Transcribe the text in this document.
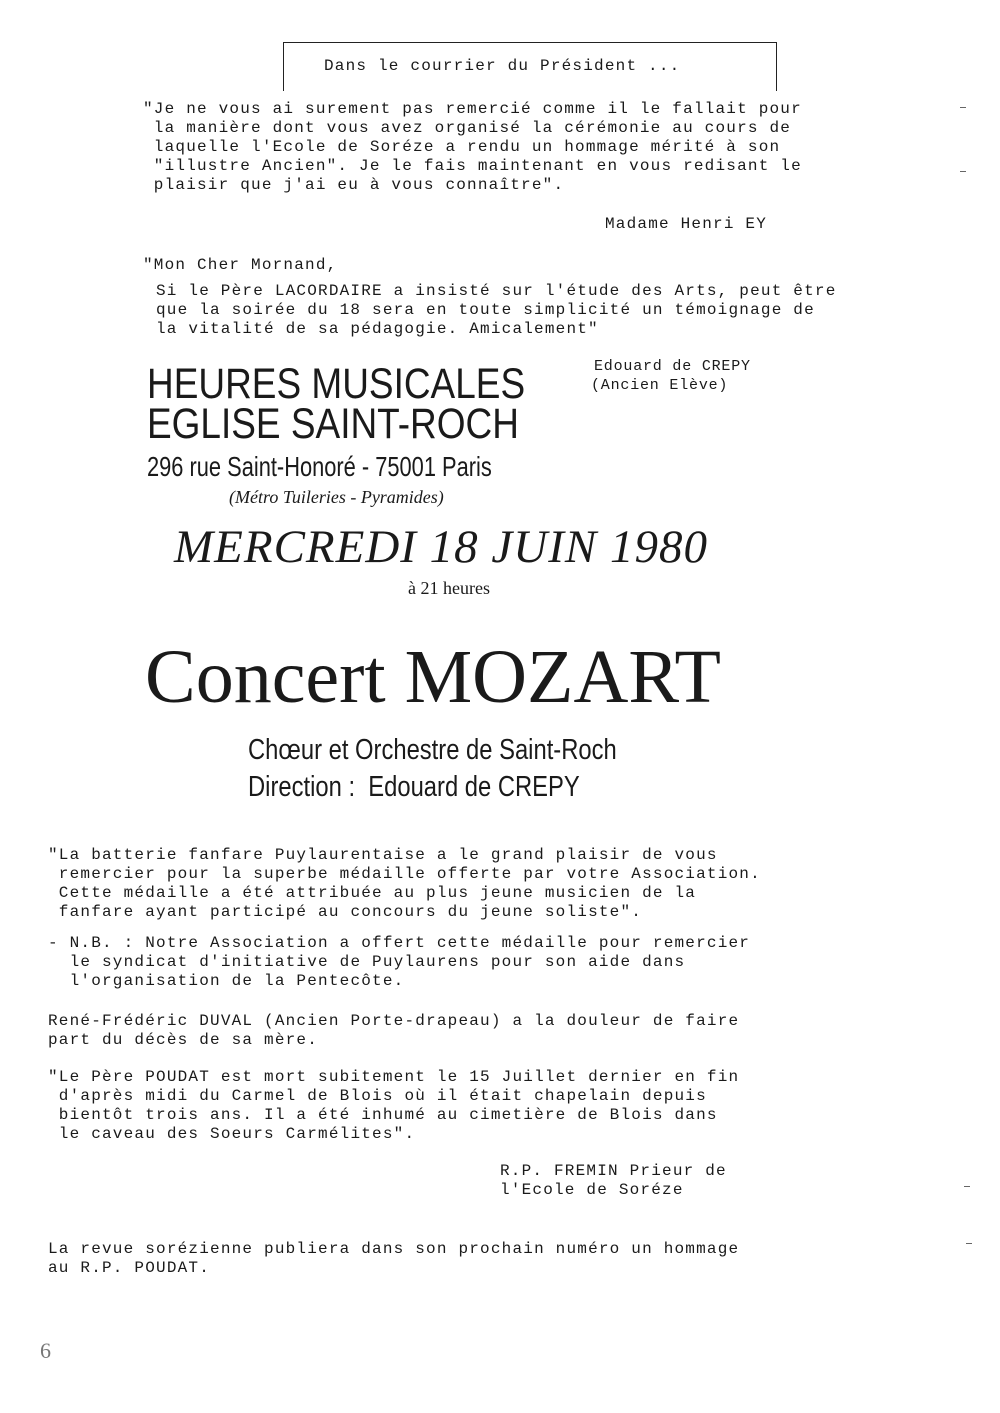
Dans le courrier du Président ...
"Je ne vous ai surement pas remercié comme il le fallait pour
la manière dont vous avez organisé la cérémonie au cours de
laquelle l'Ecole de Soréze a rendu un hommage mérité à son
"illustre Ancien". Je le fais maintenant en vous redisant le
plaisir que j'ai eu à vous connaître".
Madame Henri EY
"Mon Cher Mornand,
Si le Père LACORDAIRE a insisté sur l'étude des Arts, peut être
que la soirée du 18 sera en toute simplicité un témoignage de
la vitalité de sa pédagogie. Amicalement"
Edouard de CREPY
(Ancien Elève)
HEURES MUSICALES
EGLISE SAINT-ROCH
296 rue Saint-Honoré - 75001 Paris
(Métro Tuileries - Pyramides)
MERCREDI 18 JUIN 1980
à 21 heures
Concert MOZART
Chœur et Orchestre de Saint-Roch
Direction :  Edouard de CREPY
"La batterie fanfare Puylaurentaise a le grand plaisir de vous
remercier pour la superbe médaille offerte par votre Association.
Cette médaille a été attribuée au plus jeune musicien de la
fanfare ayant participé au concours du jeune soliste".
- N.B. : Notre Association a offert cette médaille pour remercier
le syndicat d'initiative de Puylaurens pour son aide dans
l'organisation de la Pentecôte.
René-Frédéric DUVAL (Ancien Porte-drapeau) a la douleur de faire
part du décès de sa mère.
"Le Père POUDAT est mort subitement le 15 Juillet dernier en fin
d'après midi du Carmel de Blois où il était chapelain depuis
bientôt trois ans. Il a été inhumé au cimetière de Blois dans
le caveau des Soeurs Carmélites".
R.P. FREMIN Prieur de
l'Ecole de Soréze
La revue sorézienne publiera dans son prochain numéro un hommage
au R.P. POUDAT.
6
